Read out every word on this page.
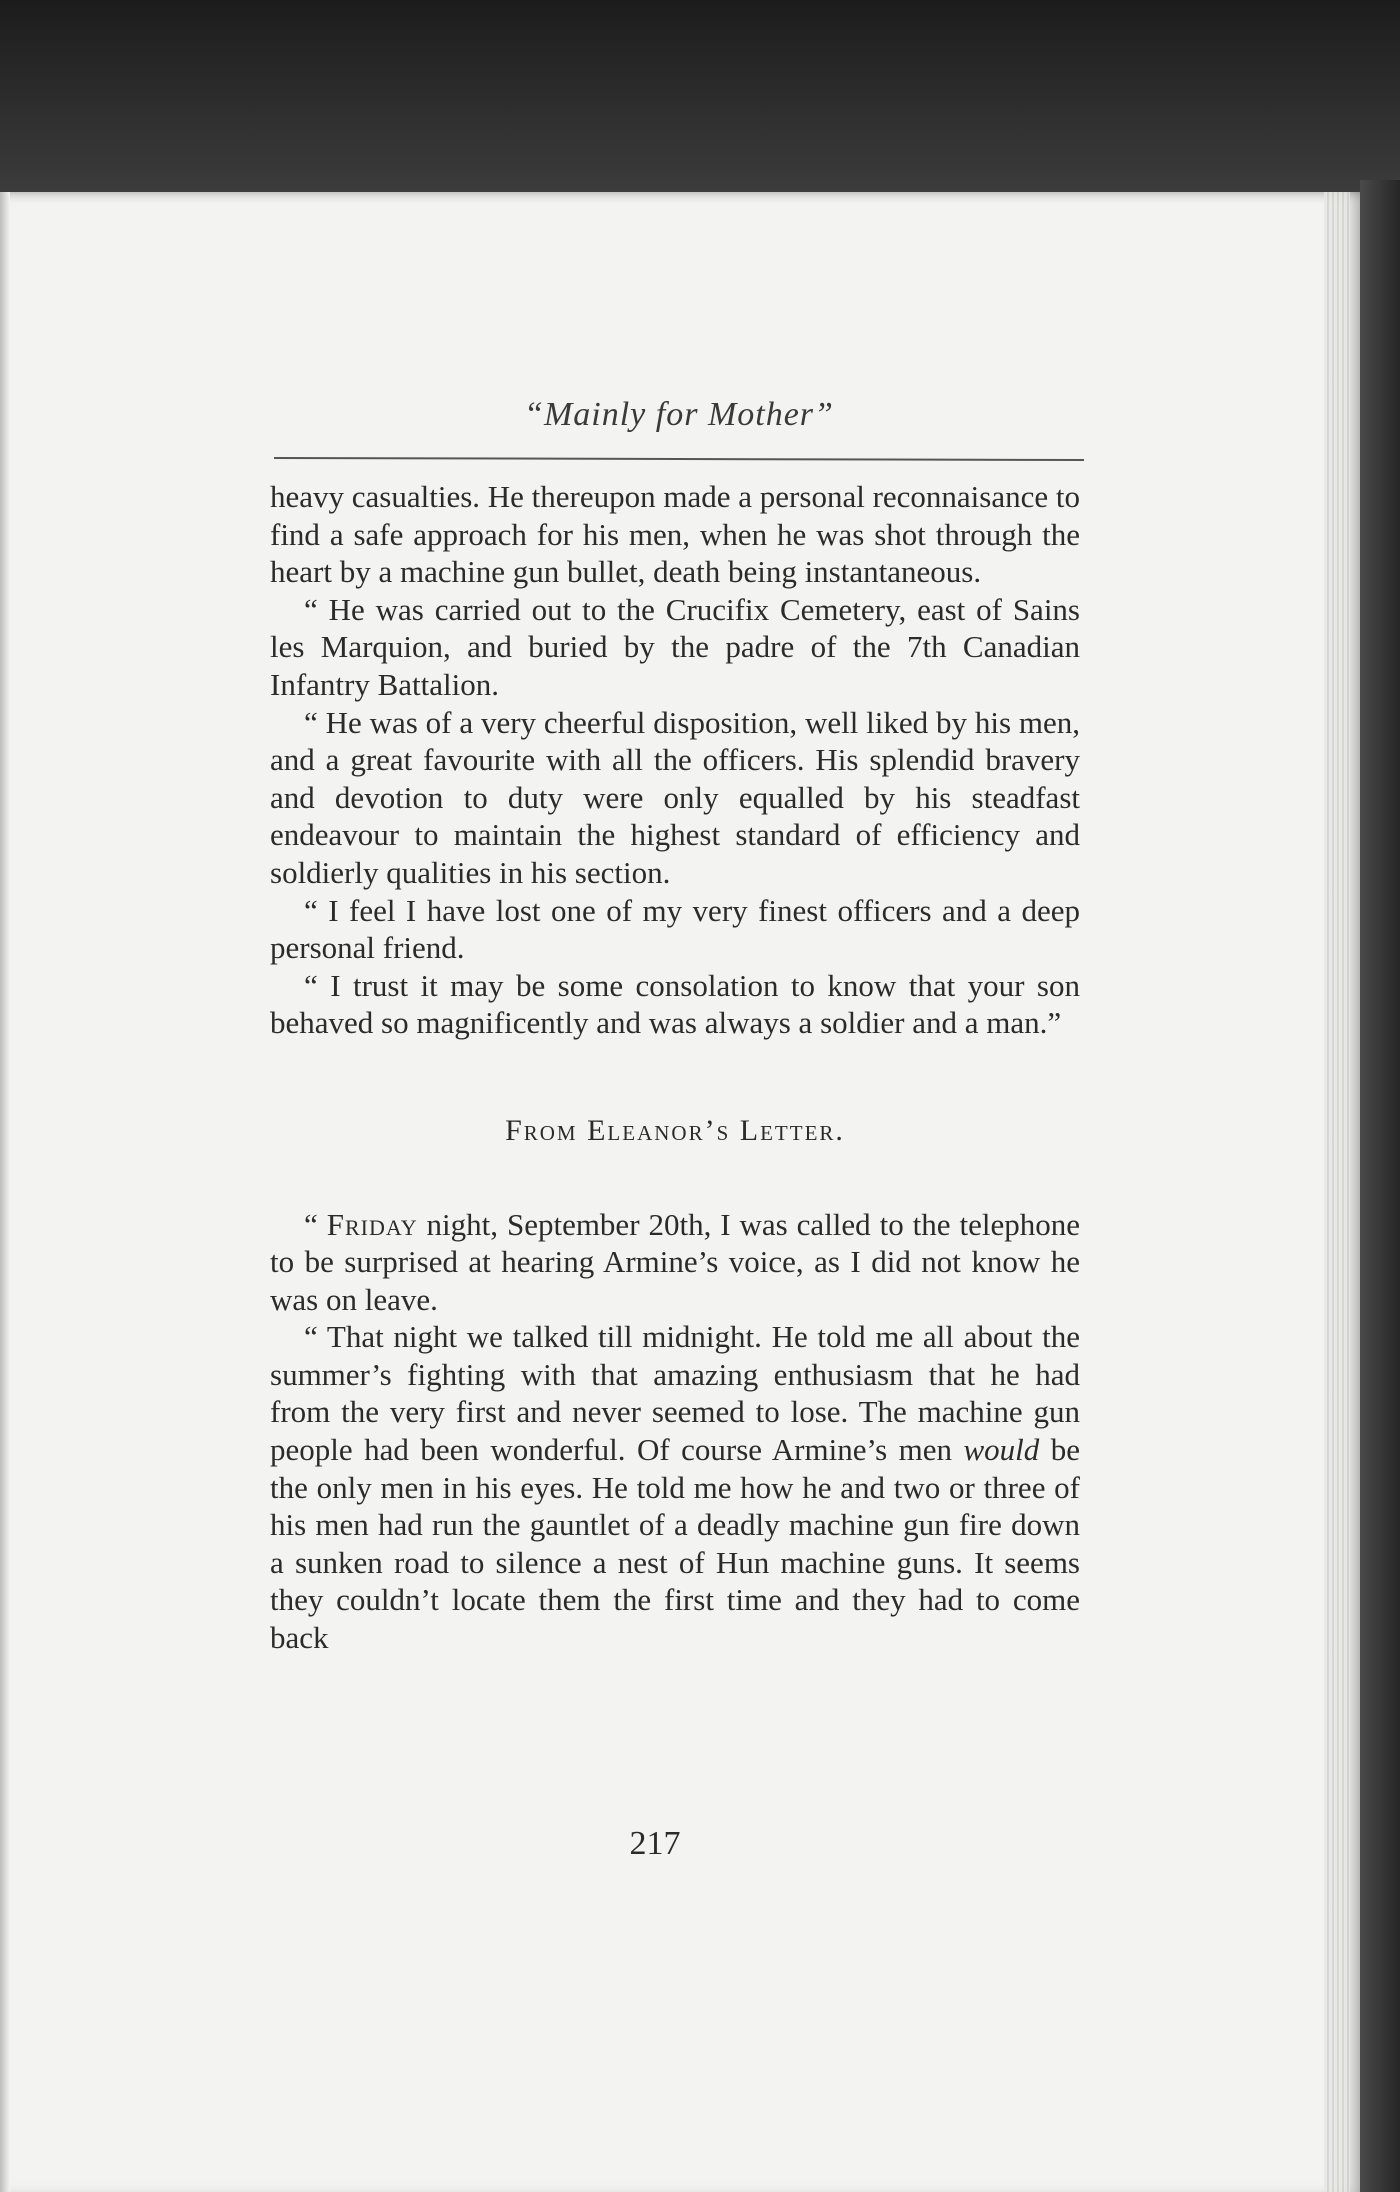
“Mainly for Mother”

heavy casualties. He thereupon made a personal reconnaisance to find a safe approach for his men, when he was shot through the heart by a machine gun bullet, death being instantaneous.

“ He was carried out to the Crucifix Cemetery, east of Sains les Marquion, and buried by the padre of the 7th Canadian Infantry Battalion.

“ He was of a very cheerful disposition, well liked by his men, and a great favourite with all the officers. His splendid bravery and devotion to duty were only equalled by his steadfast endeavour to maintain the highest standard of efficiency and soldierly qualities in his section.

“ I feel I have lost one of my very finest officers and a deep personal friend.

“ I trust it may be some consolation to know that your son behaved so magnificently and was always a soldier and a man.”

From Eleanor’s Letter.

“ Friday night, September 20th, I was called to the telephone to be surprised at hearing Armine’s voice, as I did not know he was on leave.

“ That night we talked till midnight. He told me all about the summer’s fighting with that amazing enthusiasm that he had from the very first and never seemed to lose. The machine gun people had been wonderful. Of course Armine’s men would be the only men in his eyes. He told me how he and two or three of his men had run the gauntlet of a deadly machine gun fire down a sunken road to silence a nest of Hun machine guns. It seems they couldn’t locate them the first time and they had to come back

217
